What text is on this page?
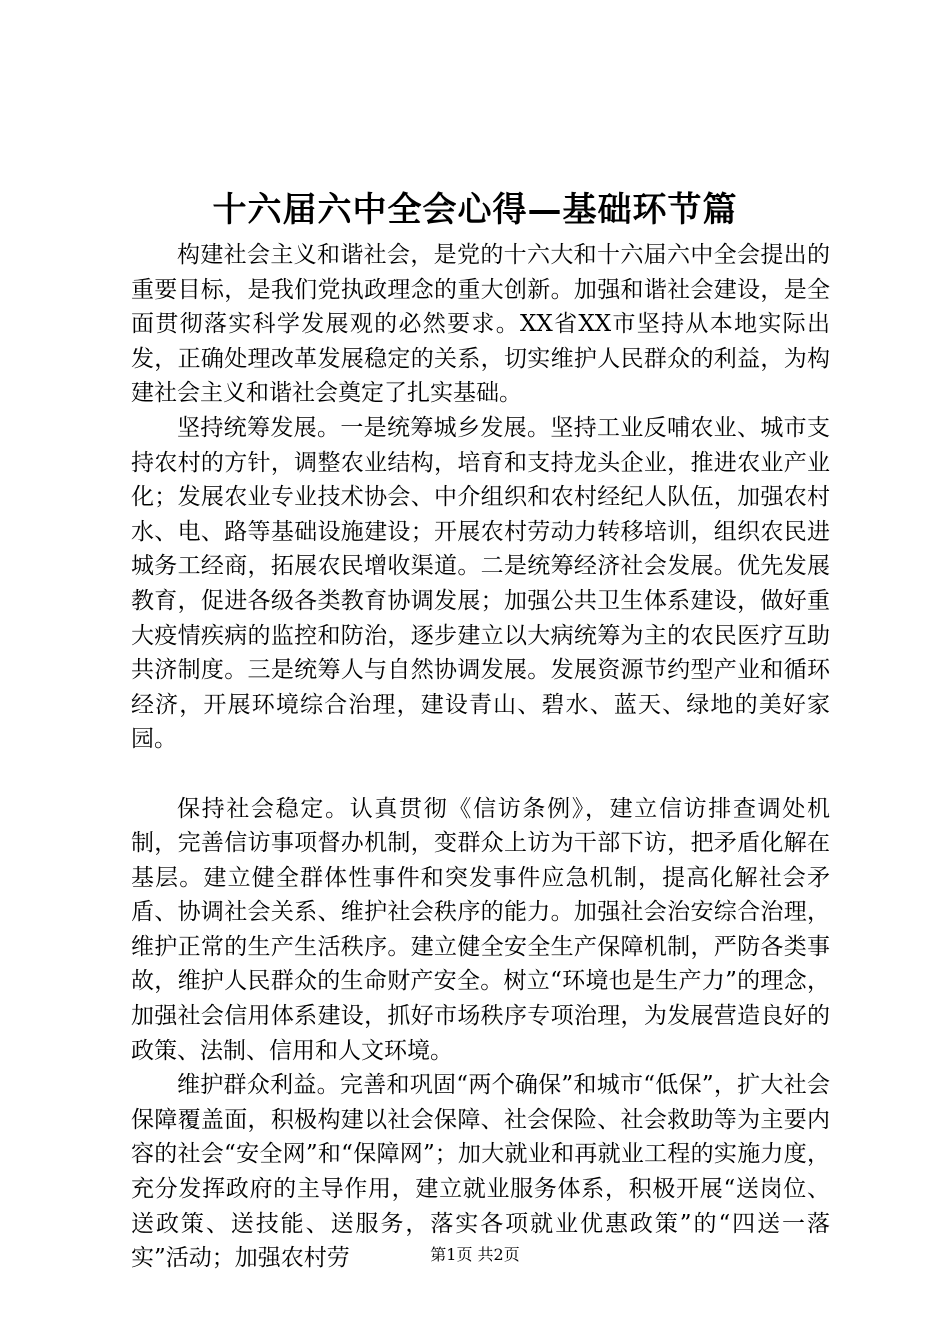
十六届六中全会心得—基础环节篇

构建社会主义和谐社会，是党的十六大和十六届六中全会提出的重要目标，是我们党执政理念的重大创新。加强和谐社会建设，是全面贯彻落实科学发展观的必然要求。XX省XX市坚持从本地实际出发，正确处理改革发展稳定的关系，切实维护人民群众的利益，为构建社会主义和谐社会奠定了扎实基础。

坚持统筹发展。一是统筹城乡发展。坚持工业反哺农业、城市支持农村的方针，调整农业结构，培育和支持龙头企业，推进农业产业化；发展农业专业技术协会、中介组织和农村经纪人队伍，加强农村水、电、路等基础设施建设；开展农村劳动力转移培训，组织农民进城务工经商，拓展农民增收渠道。二是统筹经济社会发展。优先发展教育，促进各级各类教育协调发展；加强公共卫生体系建设，做好重大疫情疾病的监控和防治，逐步建立以大病统筹为主的农民医疗互助共济制度。三是统筹人与自然协调发展。发展资源节约型产业和循环经济，开展环境综合治理，建设青山、碧水、蓝天、绿地的美好家园。

保持社会稳定。认真贯彻《信访条例》，建立信访排查调处机制，完善信访事项督办机制，变群众上访为干部下访，把矛盾化解在基层。建立健全群体性事件和突发事件应急机制，提高化解社会矛盾、协调社会关系、维护社会秩序的能力。加强社会治安综合治理，维护正常的生产生活秩序。建立健全安全生产保障机制，严防各类事故，维护人民群众的生命财产安全。树立“环境也是生产力”的理念，加强社会信用体系建设，抓好市场秩序专项治理，为发展营造良好的政策、法制、信用和人文环境。

维护群众利益。完善和巩固“两个确保”和城市“低保”，扩大社会保障覆盖面，积极构建以社会保障、社会保险、社会救助等为主要内容的社会“安全网”和“保障网”；加大就业和再就业工程的实施力度，充分发挥政府的主导作用，建立就业服务体系，积极开展“送岗位、送政策、送技能、送服务，落实各项就业优惠政策”的“四送一落实”活动；加强农村劳	第1页 共2页
